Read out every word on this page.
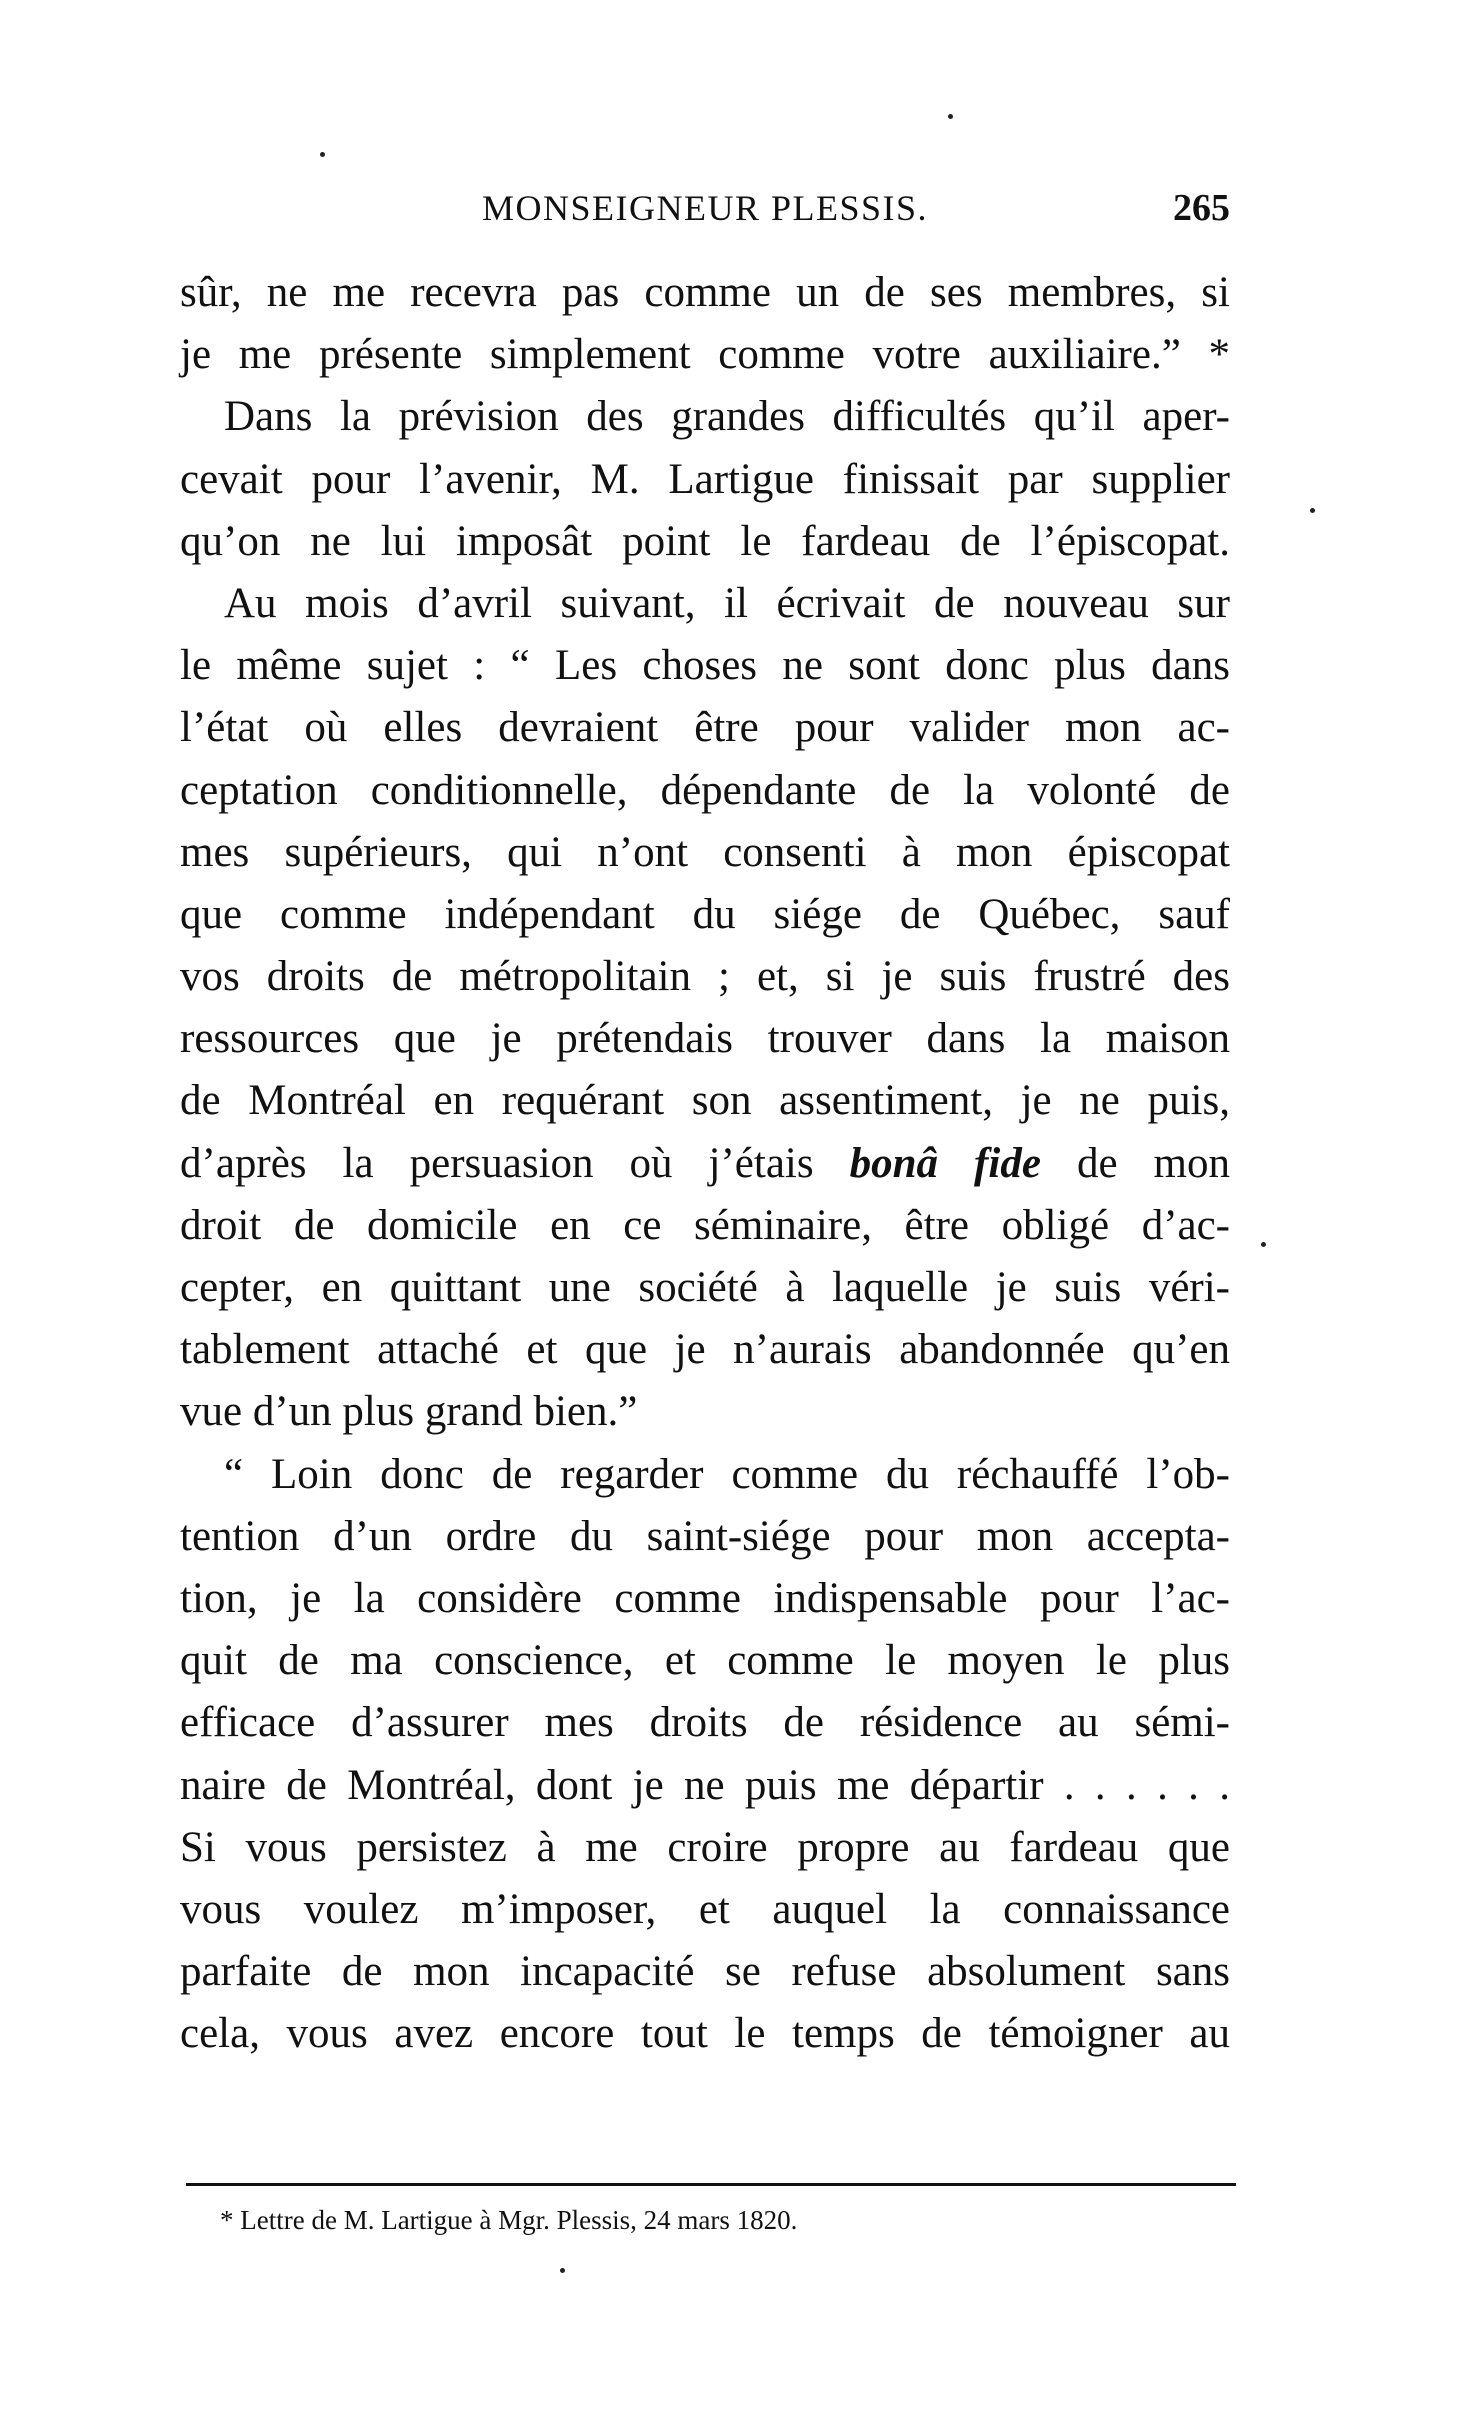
MONSEIGNEUR PLESSIS.	265
sûr, ne me recevra pas comme un de ses membres, si
je me présente simplement comme votre auxiliaire.” *
Dans la prévision des grandes difficultés qu’il aper-
cevait pour l’avenir, M. Lartigue finissait par supplier
qu’on ne lui imposât point le fardeau de l’épiscopat.
Au mois d’avril suivant, il écrivait de nouveau sur
le même sujet : “ Les choses ne sont donc plus dans
l’état où elles devraient être pour valider mon ac-
ceptation conditionnelle, dépendante de la volonté de
mes supérieurs, qui n’ont consenti à mon épiscopat
que comme indépendant du siége de Québec, sauf
vos droits de métropolitain ; et, si je suis frustré des
ressources que je prétendais trouver dans la maison
de Montréal en requérant son assentiment, je ne puis,
d’après la persuasion où j’étais bonâ fide de mon
droit de domicile en ce séminaire, être obligé d’ac-
cepter, en quittant une société à laquelle je suis véri-
tablement attaché et que je n’aurais abandonnée qu’en
vue d’un plus grand bien.”
“ Loin donc de regarder comme du réchauffé l’ob-
tention d’un ordre du saint-siége pour mon accepta-
tion, je la considère comme indispensable pour l’ac-
quit de ma conscience, et comme le moyen le plus
efficace d’assurer mes droits de résidence au sémi-
naire de Montréal, dont je ne puis me départir . . . . . .
Si vous persistez à me croire propre au fardeau que
vous voulez m’imposer, et auquel la connaissance
parfaite de mon incapacité se refuse absolument sans
cela, vous avez encore tout le temps de témoigner au
* Lettre de M. Lartigue à Mgr. Plessis, 24 mars 1820.
